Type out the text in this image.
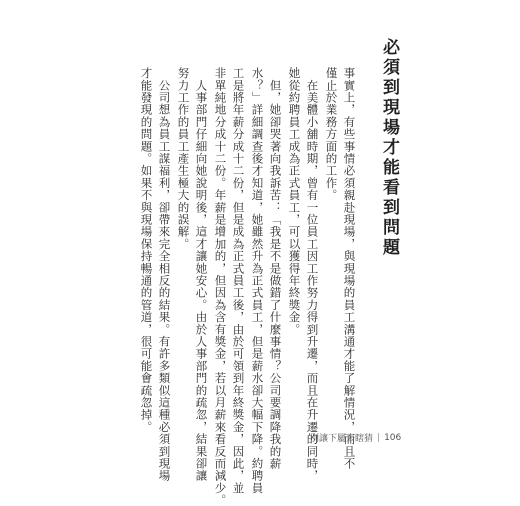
必須到現場才能看到問題
事實上，有些事情必須親赴現場，與現場的員工溝通才能了解情況，而且不
僅止於業務方面的工作。
　在美體小舖時期，曾有一位員工因工作努力得到升遷，而且在升遷的同時，
她從約聘員工成為正式員工，可以獲得年終獎金。
　但，她卻哭著向我訴苦：「我是不是做錯了什麼事情？公司要調降我的薪
水？」詳細調查後才知道，她雖然升為正式員工，但是薪水卻大幅下降。約聘員
工是將年薪分成十二份，但是成為正式員工後，由於可領到年終獎金，因此，並
非單純地分成十二份。年薪是增加的，但因為含有獎金，若以月薪來看反而減少。
　人事部門仔細向她說明後，這才讓她安心。由於人事部門的疏忽，結果卻讓
努力工作的員工產生極大的誤解。
　公司想為員工謀福利，卻帶來完全相反的結果。有許多類似這種必須到現場
才能發現的問題。如果不與現場保持暢通的管道，很可能會疏忽掉。
別讓下屬去瞎猜 | 106
